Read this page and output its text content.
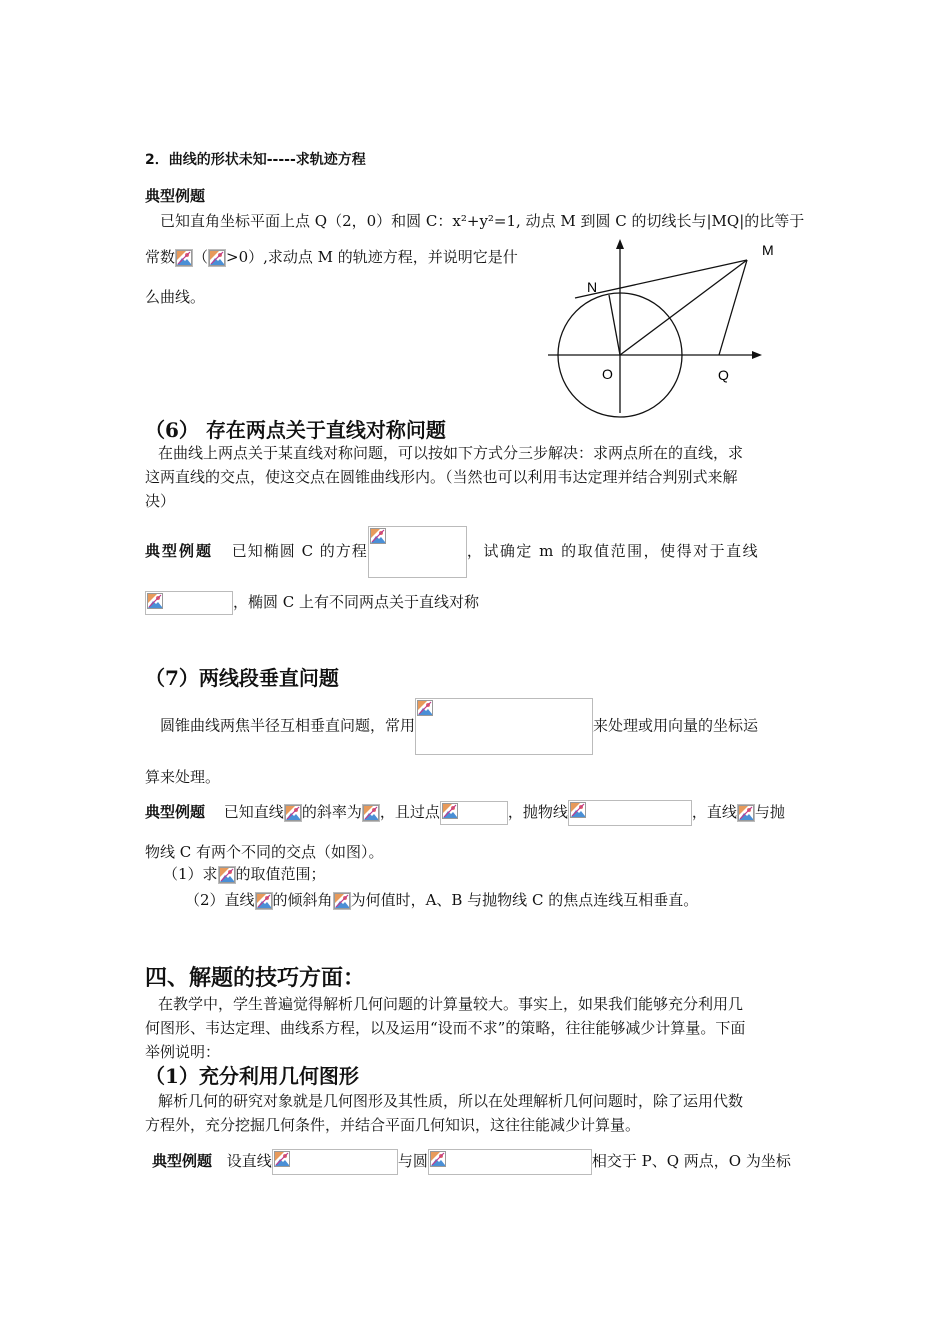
2．曲线的形状未知-----求轨迹方程
典型例题
已知直角坐标平面上点 Q（2，0）和圆 C：x²+y²=1, 动点 M 到圆 C 的切线长与|MQ|的比等于
常数 （ >0）,求动点 M 的轨迹方程，并说明它是什
么曲线。
M
N
O	Q
（6） 存在两点关于直线对称问题
在曲线上两点关于某直线对称问题，可以按如下方式分三步解决：求两点所在的直线，求
这两直线的交点，使这交点在圆锥曲线形内。（当然也可以利用韦达定理并结合判别式来解
决）
典型例题 已知椭圆 C 的方程	，试确定 m 的取值范围，使得对于直线
，椭圆 C 上有不同两点关于直线对称
（7）两线段垂直问题
圆锥曲线两焦半径互相垂直问题，常用	来处理或用向量的坐标运
算来处理。
典型例题 已知直线 的斜率为 ，且过点	，抛物线	，直线 与抛
物线 C 有两个不同的交点（如图）。
（1）求 的取值范围；
（2）直线 的倾斜角 为何值时，A、B 与抛物线 C 的焦点连线互相垂直。
四、解题的技巧方面：
在教学中，学生普遍觉得解析几何问题的计算量较大。事实上，如果我们能够充分利用几
何图形、韦达定理、曲线系方程，以及运用“设而不求”的策略，往往能够减少计算量。下面
举例说明：
（1）充分利用几何图形
解析几何的研究对象就是几何图形及其性质，所以在处理解析几何问题时，除了运用代数
方程外，充分挖掘几何条件，并结合平面几何知识，这往往能减少计算量。
典型例题 设直线	与圆	相交于 P、Q 两点，O 为坐标
